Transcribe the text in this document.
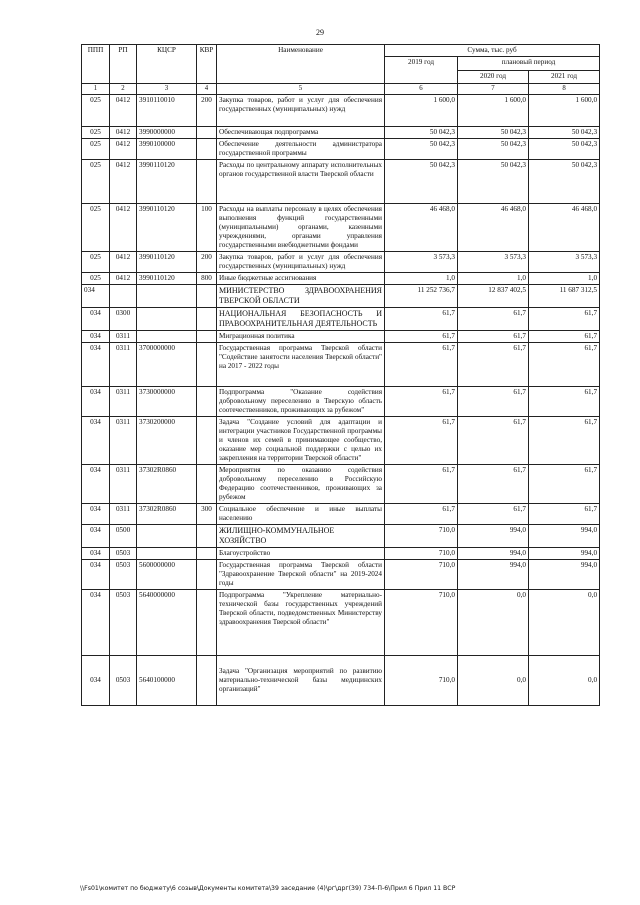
29
ППП	РП	КЦСР	КВР	Наименование	Сумма, тыс. руб		
					2019 год	плановый период	
						2020 год	2021 год
1	2	3	4	5	6	7	8
025	0412	3910110010	200	Закупка товаров, работ и услуг для обеспечения государственных (муниципальных) нужд	1 600,0	1 600,0	1 600,0
025	0412	3990000000		Обеспечивающая подпрограмма	50 042,3	50 042,3	50 042,3
025	0412	3990100000		Обеспечение деятельности администратора государственной программы	50 042,3	50 042,3	50 042,3
025	0412	3990110120		Расходы по центральному аппарату исполнительных органов государственной власти Тверской области	50 042,3	50 042,3	50 042,3
025	0412	3990110120	100	Расходы на выплаты персоналу в целях обеспечения выполнения функций государственными (муниципальными) органами, казенными учреждениями, органами управления государственными внебюджетными фондами	46 468,0	46 468,0	46 468,0
025	0412	3990110120	200	Закупка товаров, работ и услуг для обеспечения государственных (муниципальных) нужд	3 573,3	3 573,3	3 573,3
025	0412	3990110120	800	Иные бюджетные ассигнования	1,0	1,0	1,0
034				МИНИСТЕРСТВО ЗДРАВООХРАНЕНИЯ ТВЕРСКОЙ ОБЛАСТИ	11 252 736,7	12 837 402,5	11 687 312,5
034	0300			НАЦИОНАЛЬНАЯ БЕЗОПАСНОСТЬ И ПРАВООХРАНИТЕЛЬНАЯ ДЕЯТЕЛЬНОСТЬ	61,7	61,7	61,7
034	0311			Миграционная политика	61,7	61,7	61,7
034	0311	3700000000		Государственная программа Тверской области "Содействие занятости населения Тверской области" на 2017 - 2022 годы	61,7	61,7	61,7
034	0311	3730000000		Подпрограмма "Оказание содействия добровольному переселению в Тверскую область соотечественников, проживающих за рубежом"	61,7	61,7	61,7
034	0311	3730200000		Задача "Создание условий для адаптации и интеграции участников Государственной программы и членов их семей в принимающее сообщество, оказание мер социальной поддержки с целью их закрепления на территории Тверской области"	61,7	61,7	61,7
034	0311	37302R0860		Мероприятия по оказанию содействия добровольному переселению в Российскую Федерацию соотечественников, проживающих за рубежом	61,7	61,7	61,7
034	0311	37302R0860	300	Социальное обеспечение и иные выплаты населению	61,7	61,7	61,7
034	0500			ЖИЛИЩНО-КОММУНАЛЬНОЕ ХОЗЯЙСТВО	710,0	994,0	994,0
034	0503			Благоустройство	710,0	994,0	994,0
034	0503	5600000000		Государственная программа Тверской области "Здравоохранение Тверской области" на 2019-2024 годы	710,0	994,0	994,0
034	0503	5640000000		Подпрограмма "Укрепление материально-технической базы государственных учреждений Тверской области, подведомственных Министерству здравоохранения Тверской области"	710,0	0,0	0,0
034	0503	5640100000		Задача "Организация мероприятий по развитию материально-технической базы медицинских организаций"	710,0	0,0	0,0
\\Fs01\комитет по бюджету\6 созыв\Документы комитета\39 заседание (4)\рг\дрг(39) 734-П-6\Прил 6 Прил 11 ВСР
